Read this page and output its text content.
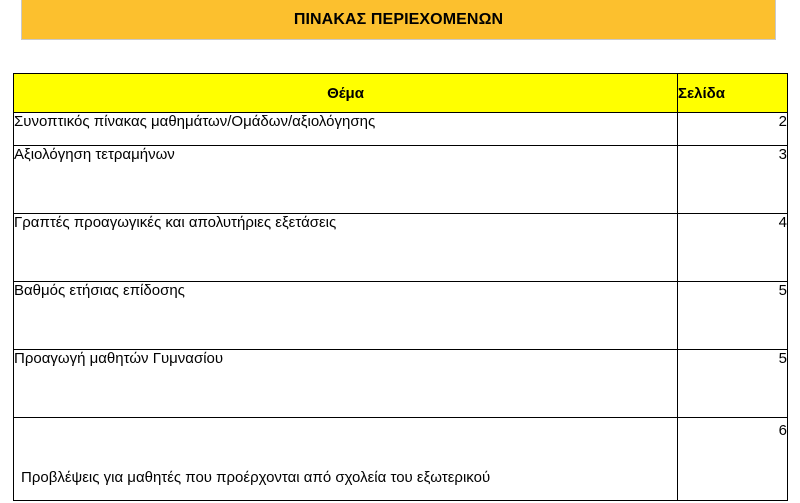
ΠΙΝΑΚΑΣ ΠΕΡΙΕΧΟΜΕΝΩΝ
Θέμα	Σελίδα
Συνοπτικός πίνακας μαθημάτων/Ομάδων/αξιολόγησης	2
Αξιολόγηση τετραμήνων	3
Γραπτές προαγωγικές και απολυτήριες εξετάσεις	4
Βαθμός ετήσιας επίδοσης	5
Προαγωγή μαθητών Γυμνασίου	5
Προβλέψεις για μαθητές που προέρχονται από σχολεία του εξωτερικού	6
